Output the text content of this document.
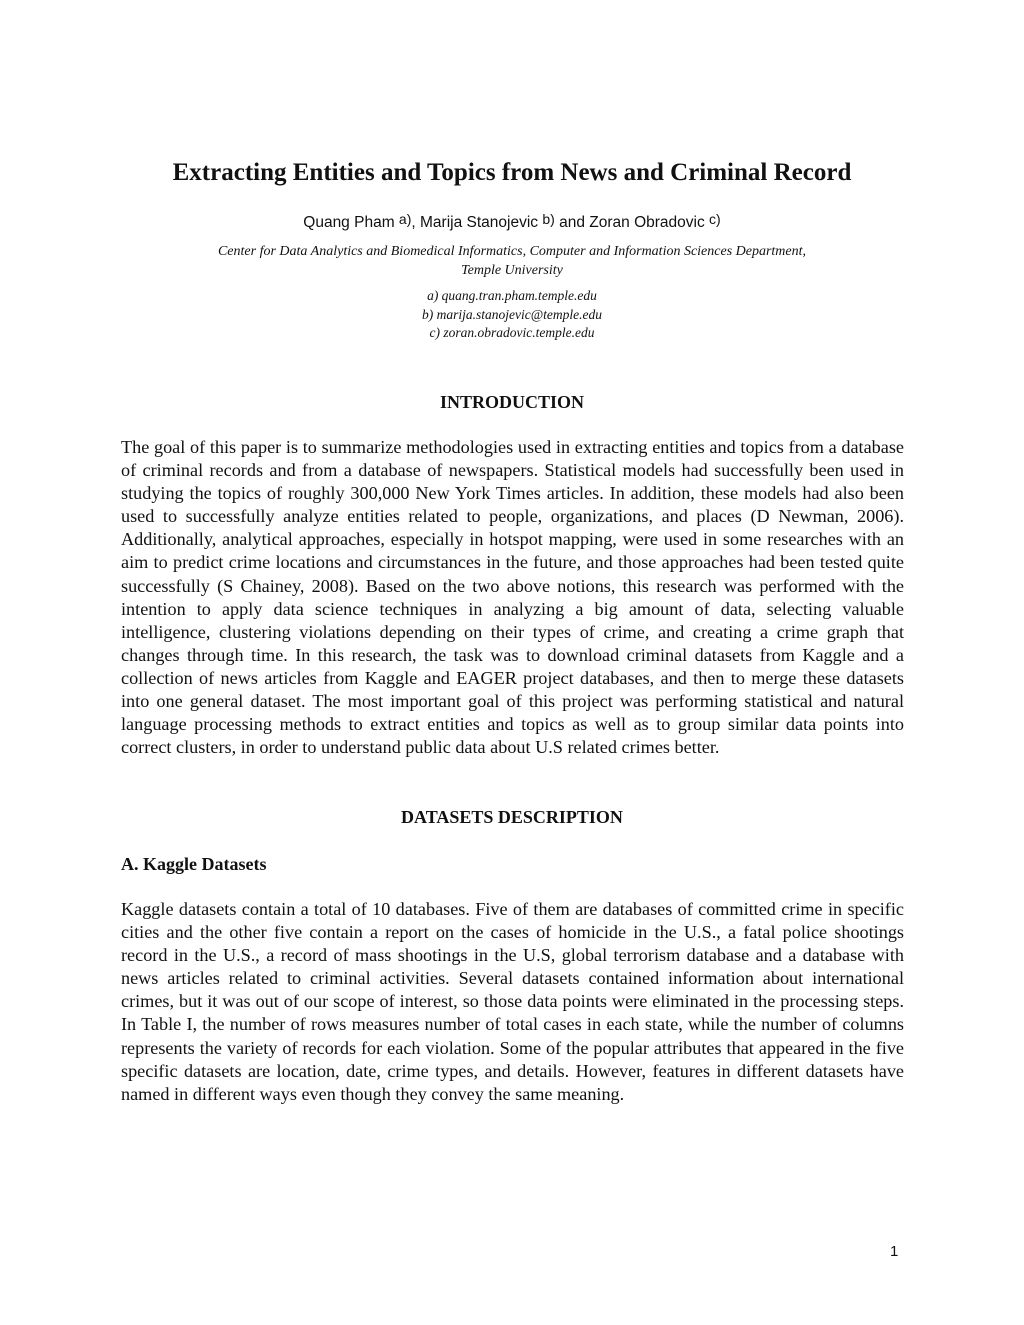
Extracting Entities and Topics from News and Criminal Record
Quang Pham $^{a)}$, Marija Stanojevic $^{b)}$ and Zoran Obradovic $^{c)}$
Center for Data Analytics and Biomedical Informatics, Computer and Information Sciences Department,
Temple University
a) quang.tran.pham.temple.edu
b) marija.stanojevic@temple.edu
c) zoran.obradovic.temple.edu
INTRODUCTION

The goal of this paper is to summarize methodologies used in extracting entities and topics from a database of criminal records and from a database of newspapers. Statistical models had successfully been used in studying the topics of roughly 300,000 New York Times articles. In addition, these models had also been used to successfully analyze entities related to people, organizations, and places (D Newman, 2006). Additionally, analytical approaches, especially in hotspot mapping, were used in some researches with an aim to predict crime locations and circumstances in the future, and those approaches had been tested quite successfully (S Chainey, 2008). Based on the two above notions, this research was performed with the intention to apply data science techniques in analyzing a big amount of data, selecting valuable intelligence, clustering violations depending on their types of crime, and creating a crime graph that changes through time. In this research, the task was to download criminal datasets from Kaggle and a collection of news articles from Kaggle and EAGER project databases, and then to merge these datasets into one general dataset. The most important goal of this project was performing statistical and natural language processing methods to extract entities and topics as well as to group similar data points into correct clusters, in order to understand public data about U.S related crimes better.

DATASETS DESCRIPTION
A. Kaggle Datasets

Kaggle datasets contain a total of 10 databases. Five of them are databases of committed crime in specific cities and the other five contain a report on the cases of homicide in the U.S., a fatal police shootings record in the U.S., a record of mass shootings in the U.S, global terrorism database and a database with news articles related to criminal activities. Several datasets contained information about international crimes, but it was out of our scope of interest, so those data points were eliminated in the processing steps. In Table I, the number of rows measures number of total cases in each state, while the number of columns represents the variety of records for each violation. Some of the popular attributes that appeared in the five specific datasets are location, date, crime types, and details. However, features in different datasets have named in different ways even though they convey the same meaning.

1
